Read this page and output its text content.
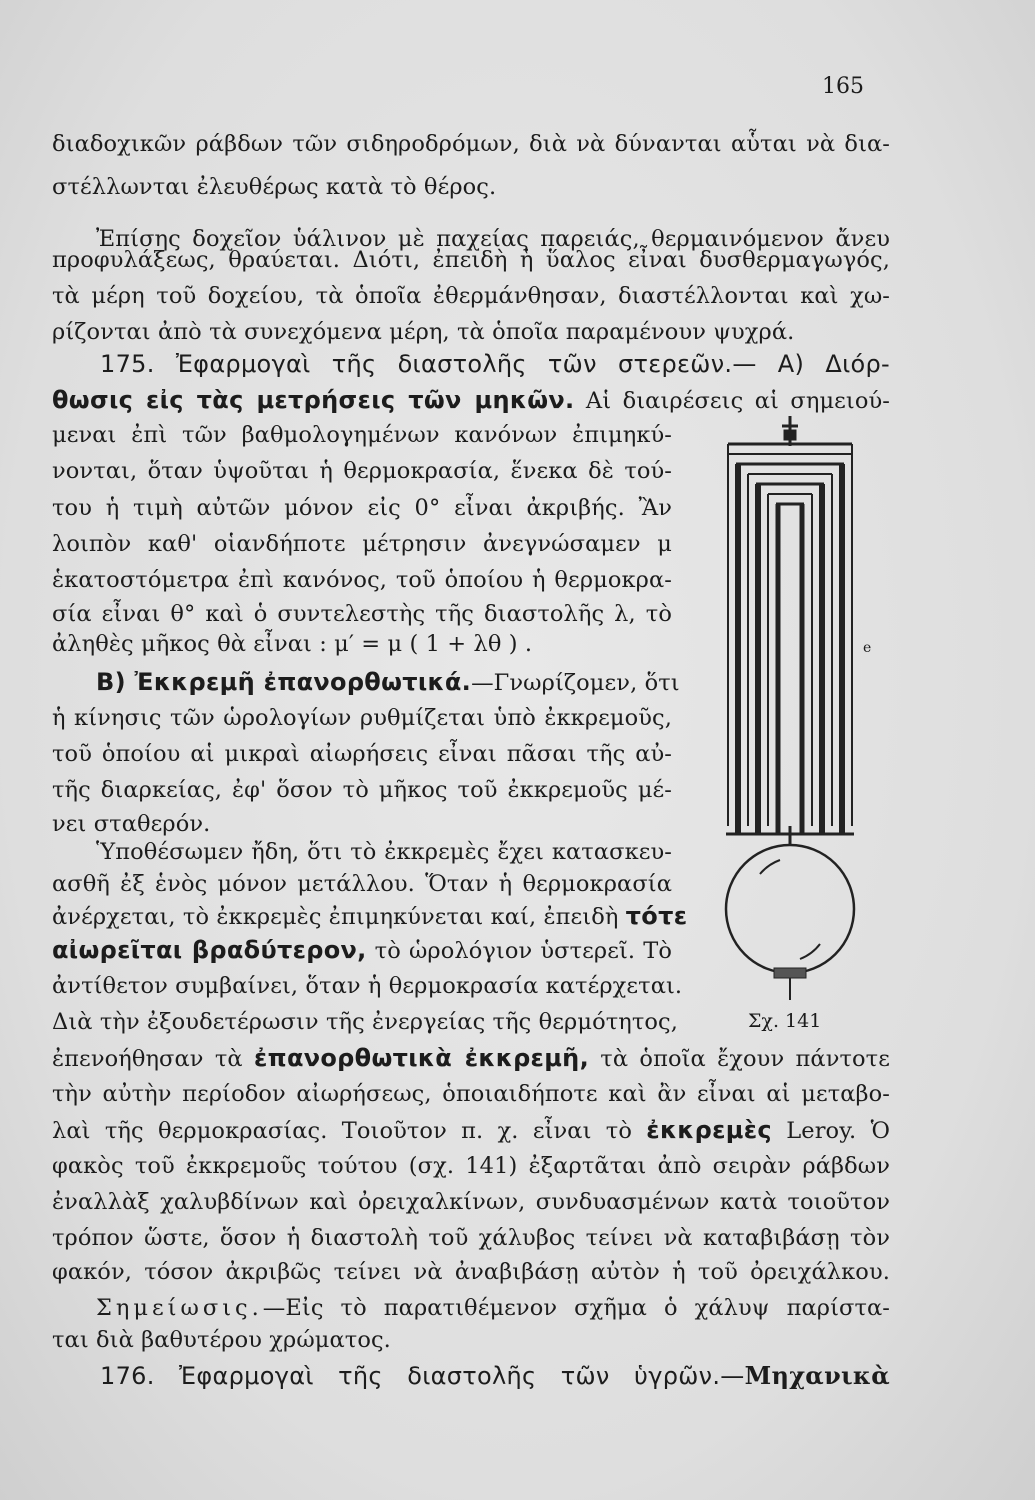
165
διαδοχικῶν ράβδων τῶν σιδηροδρόμων, διὰ νὰ δύνανται αὗται νὰ δια-
στέλλωνται ἐλευθέρως κατὰ τὸ θέρος.
Ἐπίσης δοχεῖον ὑάλινον μὲ παχείας παρειάς, θερμαινόμενον ἄνευ
προφυλάξεως, θραύεται. Διότι, ἐπειδὴ ἡ ὕαλος εἶναι δυσθερμαγωγός,
τὰ μέρη τοῦ δοχείου, τὰ ὁποῖα ἐθερμάνθησαν, διαστέλλονται καὶ χω-
ρίζονται ἀπὸ τὰ συνεχόμενα μέρη, τὰ ὁποῖα παραμένουν ψυχρά.
175. Ἐφαρμογαὶ τῆς διαστολῆς τῶν στερεῶν.— Α) Διόρ-
θωσις εἰς τὰς μετρήσεις τῶν μηκῶν. Αἱ διαιρέσεις αἱ σημειού-
μεναι ἐπὶ τῶν βαθμολογημένων κανόνων ἐπιμηκύ-
νονται, ὅταν ὑψοῦται ἡ θερμοκρασία, ἕνεκα δὲ τού-
του ἡ τιμὴ αὐτῶν μόνον εἰς 0° εἶναι ἀκριβής. Ἂν
λοιπὸν καθ' οἱανδήποτε μέτρησιν ἀνεγνώσαμεν μ
ἑκατοστόμετρα ἐπὶ κανόνος, τοῦ ὁποίου ἡ θερμοκρα-
σία εἶναι θ° καὶ ὁ συντελεστὴς τῆς διαστολῆς λ, τὸ
ἀληθὲς μῆκος θὰ εἶναι : μ′ = μ ( 1 + λθ ) .
Β) Ἐκκρεμῆ ἐπανορθωτικά.—Γνωρίζομεν, ὅτι
ἡ κίνησις τῶν ὡρολογίων ρυθμίζεται ὑπὸ ἐκκρεμοῦς,
τοῦ ὁποίου αἱ μικραὶ αἰωρήσεις εἶναι πᾶσαι τῆς αὐ-
τῆς διαρκείας, ἐφ' ὅσον τὸ μῆκος τοῦ ἐκκρεμοῦς μέ-
νει σταθερόν.
Ὑποθέσωμεν ἤδη, ὅτι τὸ ἐκκρεμὲς ἔχει κατασκευ-
ασθῆ ἐξ ἑνὸς μόνον μετάλλου. Ὅταν ἡ θερμοκρασία
ἀνέρχεται, τὸ ἐκκρεμὲς ἐπιμηκύνεται καί, ἐπειδὴ τότε
αἰωρεῖται βραδύτερον, τὸ ὡρολόγιον ὑστερεῖ. Τὸ
ἀντίθετον συμβαίνει, ὅταν ἡ θερμοκρασία κατέρχεται.
Διὰ τὴν ἐξουδετέρωσιν τῆς ἐνεργείας τῆς θερμότητος,	Σχ. 141
ἐπενοήθησαν τὰ ἐπανορθωτικὰ ἐκκρεμῆ, τὰ ὁποῖα ἔχουν πάντοτε
τὴν αὐτὴν περίοδον αἰωρήσεως, ὁποιαιδήποτε καὶ ἂν εἶναι αἱ μεταβο-
λαὶ τῆς θερμοκρασίας. Τοιοῦτον π. χ. εἶναι τὸ ἐκκρεμὲς Leroy. Ὁ
φακὸς τοῦ ἐκκρεμοῦς τούτου (σχ. 141) ἐξαρτᾶται ἀπὸ σειρὰν ράβδων
ἐναλλὰξ χαλυβδίνων καὶ ὀρειχαλκίνων, συνδυασμένων κατὰ τοιοῦτον
τρόπον ὥστε, ὅσον ἡ διαστολὴ τοῦ χάλυβος τείνει νὰ καταβιβάσῃ τὸν
φακόν, τόσον ἀκριβῶς τείνει νὰ ἀναβιβάσῃ αὐτὸν ἡ τοῦ ὀρειχάλκου.
Σημείωσις.—Εἰς τὸ παρατιθέμενον σχῆμα ὁ χάλυψ παρίστα-
ται διὰ βαθυτέρου χρώματος.
176. Ἐφαρμογαὶ τῆς διαστολῆς τῶν ὑγρῶν.—Μηχανικὰ
e
